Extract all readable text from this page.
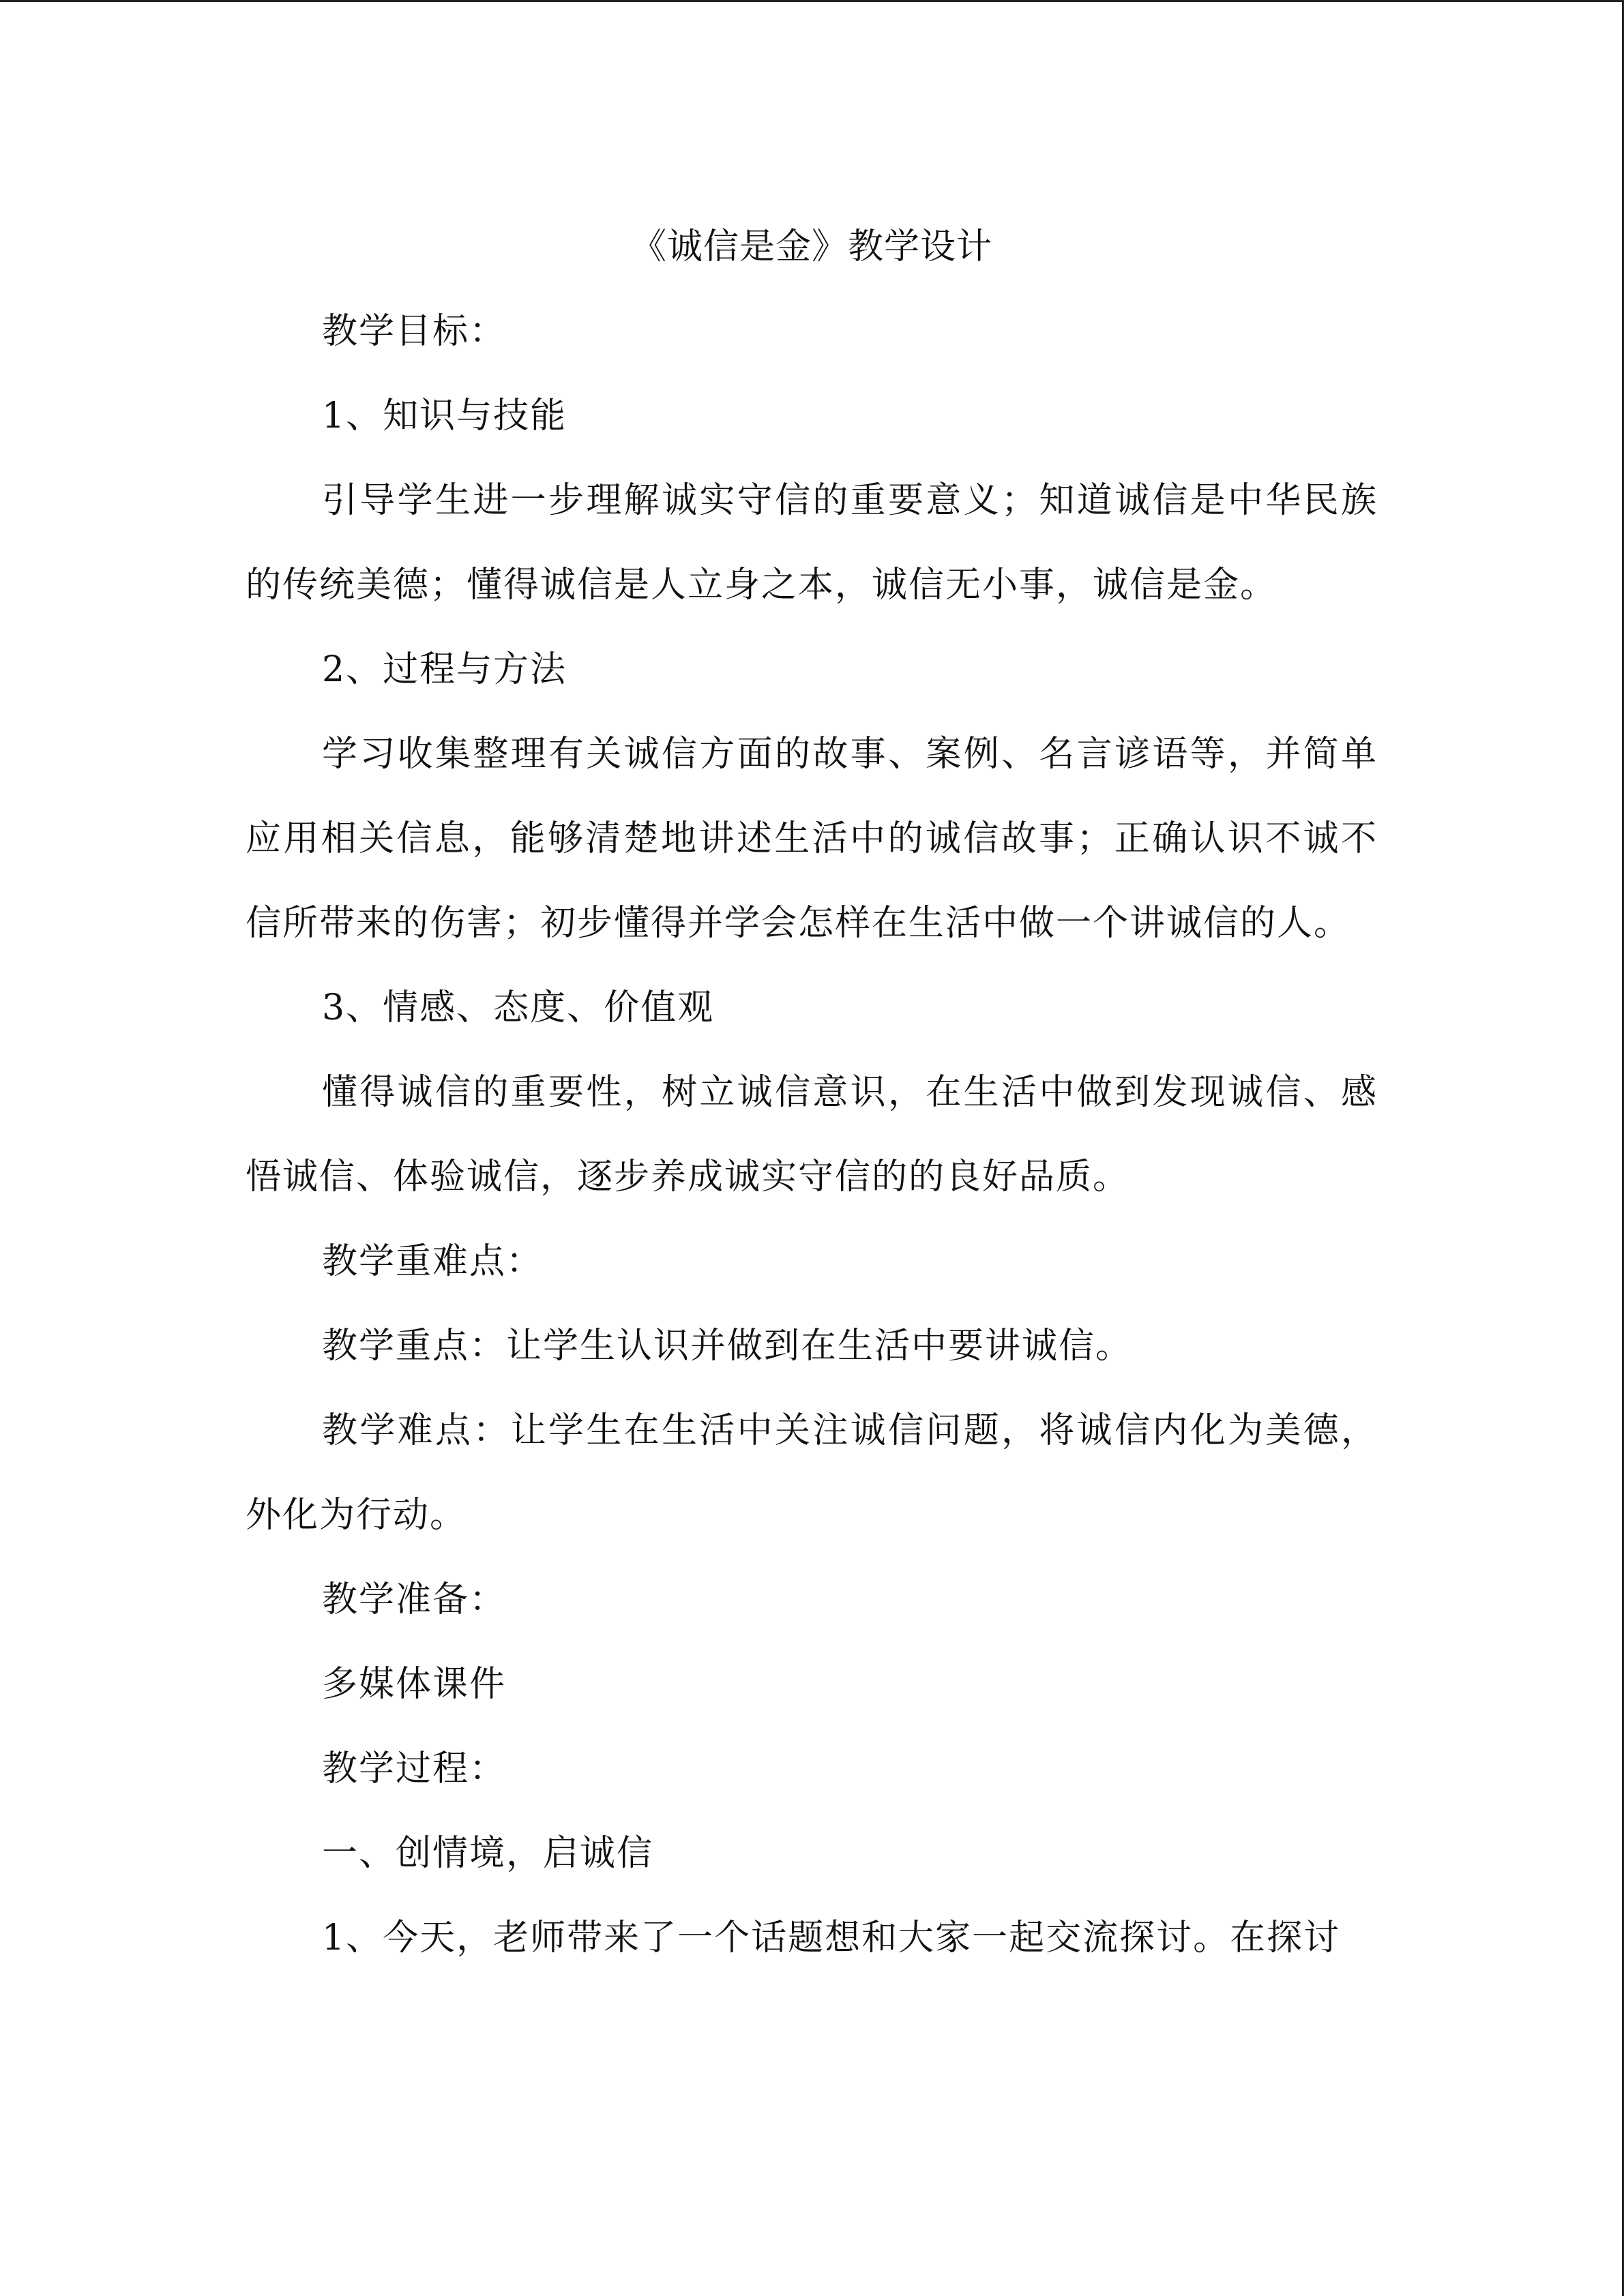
《诚信是金》教学设计

教学目标：

1、知识与技能

引导学生进一步理解诚实守信的重要意义；知道诚信是中华民族的传统美德；懂得诚信是人立身之本，诚信无小事，诚信是金。

2、过程与方法

学习收集整理有关诚信方面的故事、案例、名言谚语等，并简单应用相关信息，能够清楚地讲述生活中的诚信故事；正确认识不诚不信所带来的伤害；初步懂得并学会怎样在生活中做一个讲诚信的人。

3、情感、态度、价值观

懂得诚信的重要性，树立诚信意识，在生活中做到发现诚信、感悟诚信、体验诚信，逐步养成诚实守信的的良好品质。

教学重难点：

教学重点：让学生认识并做到在生活中要讲诚信。

教学难点：让学生在生活中关注诚信问题，将诚信内化为美德，外化为行动。

教学准备：

多媒体课件

教学过程：

一、创情境，启诚信

1、今天，老师带来了一个话题想和大家一起交流探讨。在探讨
